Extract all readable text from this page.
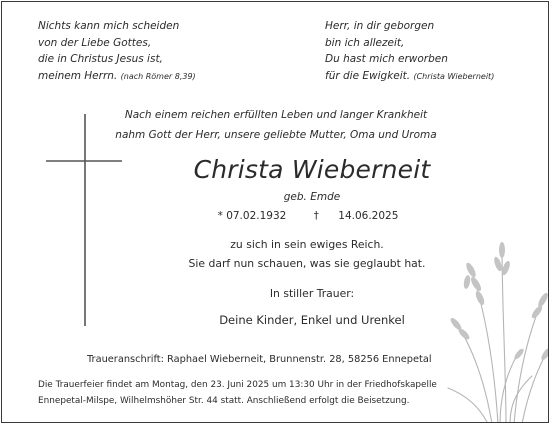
Nichts kann mich scheiden
von der Liebe Gottes,
die in Christus Jesus ist,
meinem Herrn. (nach Römer 8,39)
Herr, in dir geborgen
bin ich allezeit,
Du hast mich erworben
für die Ewigkeit. (Christa Wieberneit)
Nach einem reichen erfüllten Leben und langer Krankheit
nahm Gott der Herr, unsere geliebte Mutter, Oma und Uroma
Christa Wieberneit
geb. Emde
* 07.02.1932	† 14.06.2025
zu sich in sein ewiges Reich.
Sie darf nun schauen, was sie geglaubt hat.
In stiller Trauer:
Deine Kinder, Enkel und Urenkel
Traueranschrift: Raphael Wieberneit, Brunnenstr. 28, 58256 Ennepetal
Die Trauerfeier findet am Montag, den 23. Juni 2025 um 13:30 Uhr in der Friedhofskapelle
Ennepetal-Milspe, Wilhelmshöher Str. 44 statt. Anschließend erfolgt die Beisetzung.
